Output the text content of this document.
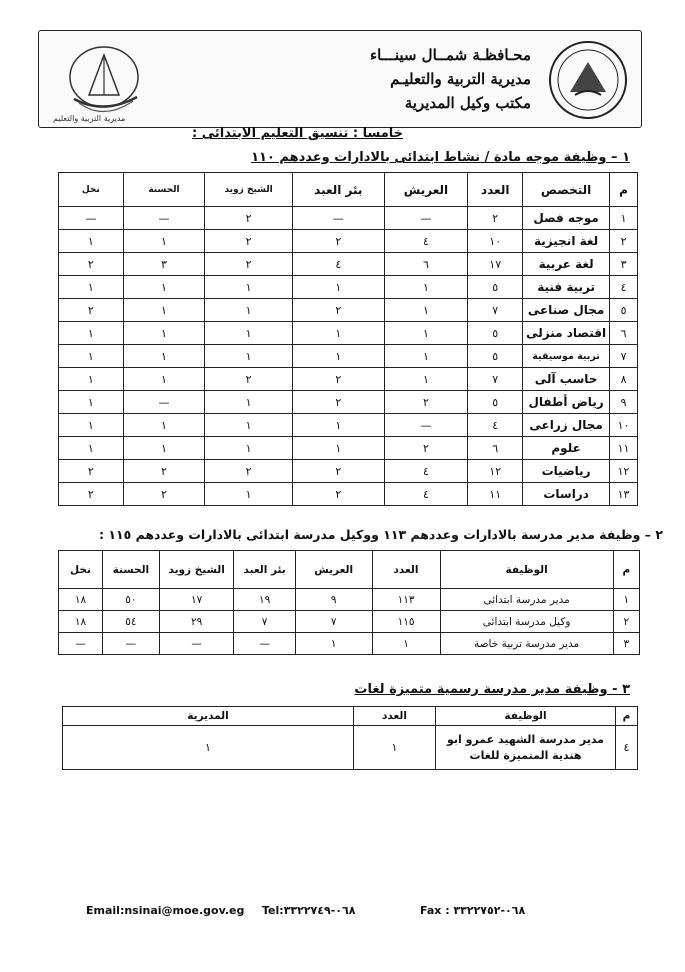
مديرية التربية والتعليم
محـافظـة شمــال سينـــاء
مديرية التربية والتعليـم
مكتب وكيل المديرية
خامسا : تنسيق التعليم الابتدائى :
١ – وظيفة موجه مادة / نشاط ابتدائى بالادارات وعددهم ١١٠
م	التخصص	العدد	العريش	بئر العبد	الشيخ زويد	الحسنة	نخل
١	موجه فصل	٢	—	—	٢	—	—
٢	لغة انجيزية	١٠	٤	٢	٢	١	١
٣	لغة عربية	١٧	٦	٤	٢	٣	٢
٤	تربية فنية	٥	١	١	١	١	١
٥	مجال صناعى	٧	١	٢	١	١	٢
٦	اقتصاد منزلى	٥	١	١	١	١	١
٧	تربية موسيقية	٥	١	١	١	١	١
٨	حاسب آلى	٧	١	٢	٢	١	١
٩	رياض أطفال	٥	٢	٢	١	—	١
١٠	مجال زراعى	٤	—	١	١	١	١
١١	علوم	٦	٢	١	١	١	١
١٢	رياضيات	١٢	٤	٢	٢	٢	٢
١٣	دراسات	١١	٤	٢	١	٢	٢
٢ – وظيفة مدير مدرسة بالادارات وعددهم ١١٣ ووكيل مدرسة ابتدائى بالادارات وعددهم ١١٥ :
م	الوظيفة	العدد	العريش	بئر العبد	الشيخ زويد	الحسنة	نخل
١	مدير مدرسة ابتدائى	١١٣	٩	١٩	١٧	٥٠	١٨
٢	وكيل مدرسة ابتدائى	١١٥	٧	٧	٢٩	٥٤	١٨
٣	مدير مدرسة تربية خاصة	١	١	—	—	—	—
٣ - وظيفة مدير مدرسة رسمية متميزة لغات
م	الوظيفة	العدد	المديرية
٤	مدير مدرسة الشهيد عمرو ابو هندية المتميزة للغات	١	١
Email:nsinai@moe.gov.eg Tel:٠٦٨-٣٣٢٢٧٤٩	Fax : ٠٦٨-٣٣٢٢٧٥٢
